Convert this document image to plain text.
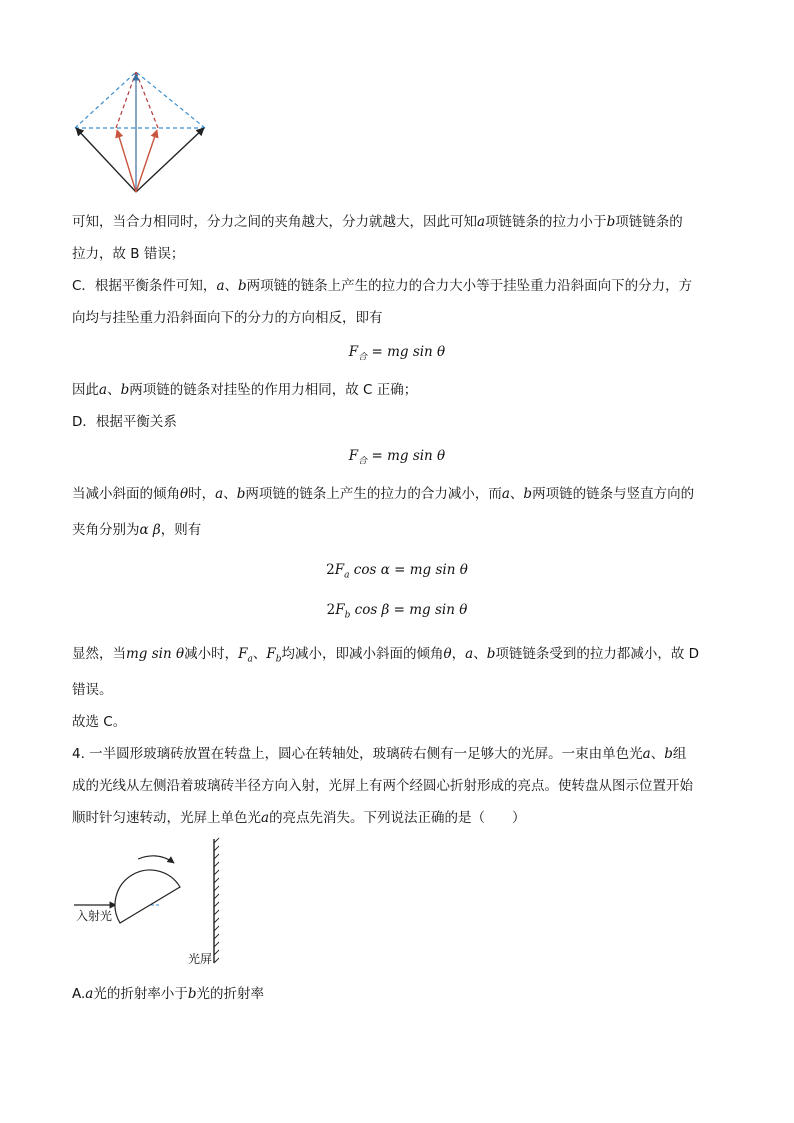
可知，当合力相同时，分力之间的夹角越大，分力就越大，因此可知a项链链条的拉力小于b项链链条的
拉力，故 B 错误；
C．根据平衡条件可知，a、b两项链的链条上产生的拉力的合力大小等于挂坠重力沿斜面向下的分力，方
向均与挂坠重力沿斜面向下的分力的方向相反，即有
$F_合$ = mg sin θ
因此a、b两项链的链条对挂坠的作用力相同，故 C 正确；
D．根据平衡关系
$F_合$ = mg sin θ
当减小斜面的倾角θ时，a、b两项链的链条上产生的拉力的合力减小，而a、b两项链的链条与竖直方向的
夹角分别为α β，则有
$2F_a$ cos α = mg sin θ
$2F_b$ cos β = mg sin θ
显然，当mg sin θ减小时，$F_a$、$F_b$均减小，即减小斜面的倾角θ，a、b项链链条受到的拉力都减小，故 D
错误。
故选 C。
4. 一半圆形玻璃砖放置在转盘上，圆心在转轴处，玻璃砖右侧有一足够大的光屏。一束由单色光a、b组
成的光线从左侧沿着玻璃砖半径方向入射，光屏上有两个经圆心折射形成的亮点。使转盘从图示位置开始
顺时针匀速转动，光屏上单色光a的亮点先消失。下列说法正确的是（　　）
入射光
光屏
A.a光的折射率小于b光的折射率
